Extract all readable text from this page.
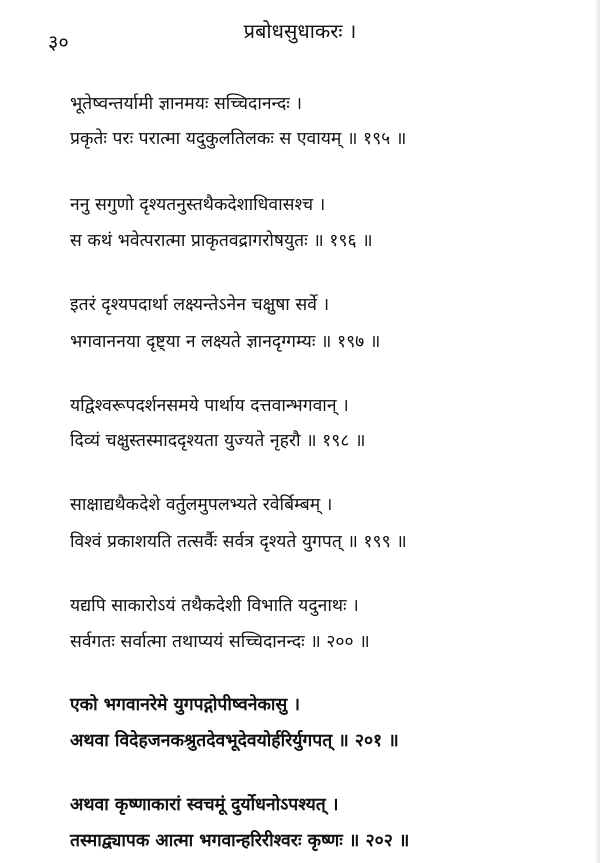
३०	प्रबोधसुधाकरः ।
भूतेष्वन्तर्यामी ज्ञानमयः सच्चिदानन्दः ।
प्रकृतेः परः परात्मा यदुकुलतिलकः स एवायम् ॥ १९५ ॥
ननु सगुणो दृश्यतनुस्तथैकदेशाधिवासश्च ।
स कथं भवेत्परात्मा प्राकृतवद्रागरोषयुतः ॥ १९६ ॥
इतरं दृश्यपदार्था लक्ष्यन्तेऽनेन चक्षुषा सर्वे ।
भगवाननया दृष्ट्या न लक्ष्यते ज्ञानदृग्गम्यः ॥ १९७ ॥
यद्विश्वरूपदर्शनसमये पार्थाय दत्तवान्भगवान् ।
दिव्यं चक्षुस्तस्माददृश्यता युज्यते नृहरौ ॥ १९८ ॥
साक्षाद्यथैकदेशे वर्तुलमुपलभ्यते रवेर्बिम्बम् ।
विश्वं प्रकाशयति तत्सर्वैः सर्वत्र दृश्यते युगपत् ॥ १९९ ॥
यद्यपि साकारोऽयं तथैकदेशी विभाति यदुनाथः ।
सर्वगतः सर्वात्मा तथाप्ययं सच्चिदानन्दः ॥ २०० ॥
एको भगवानरेमे युगपद्गोपीष्वनेकासु ।
अथवा विदेहजनकश्रुतदेवभूदेवयोर्हरिर्युगपत् ॥ २०१ ॥
अथवा कृष्णाकारां स्वचमूं दुर्योधनोऽपश्यत् ।
तस्माद्व्यापक आत्मा भगवान्हरिरीश्वरः कृष्णः ॥ २०२ ॥
